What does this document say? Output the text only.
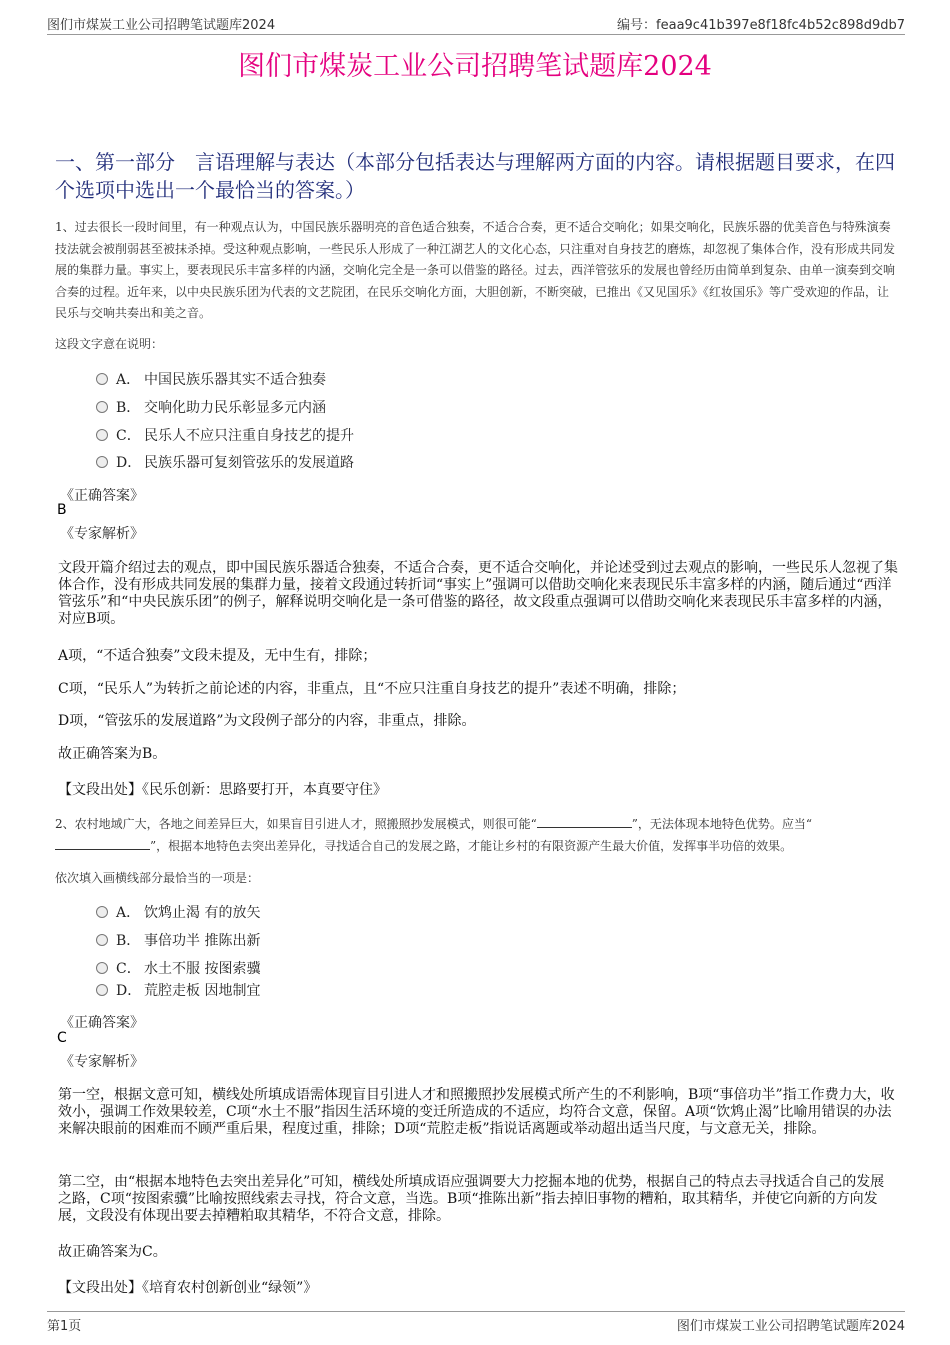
图们市煤炭工业公司招聘笔试题库2024	编号：feaa9c41b397e8f18fc4b52c898d9db7
图们市煤炭工业公司招聘笔试题库2024
一、第一部分　言语理解与表达（本部分包括表达与理解两方面的内容。请根据题目要求，在四个选项中选出一个最恰当的答案。）
1、过去很长一段时间里，有一种观点认为，中国民族乐器明亮的音色适合独奏，不适合合奏，更不适合交响化；如果交响化，民族乐器的优美音色与特殊演奏技法就会被削弱甚至被抹杀掉。受这种观点影响，一些民乐人形成了一种江湖艺人的文化心态，只注重对自身技艺的磨炼，却忽视了集体合作，没有形成共同发展的集群力量。事实上，要表现民乐丰富多样的内涵，交响化完全是一条可以借鉴的路径。过去，西洋管弦乐的发展也曾经历由简单到复杂、由单一演奏到交响合奏的过程。近年来，以中央民族乐团为代表的文艺院团，在民乐交响化方面，大胆创新，不断突破，已推出《又见国乐》《红妆国乐》等广受欢迎的作品，让民乐与交响共奏出和美之音。
这段文字意在说明：
A． 中国民族乐器其实不适合独奏
B． 交响化助力民乐彰显多元内涵
C． 民乐人不应只注重自身技艺的提升
D． 民族乐器可复刻管弦乐的发展道路
《正确答案》
B
《专家解析》
文段开篇介绍过去的观点，即中国民族乐器适合独奏，不适合合奏，更不适合交响化，并论述受到过去观点的影响，一些民乐人忽视了集体合作，没有形成共同发展的集群力量，接着文段通过转折词“事实上”强调可以借助交响化来表现民乐丰富多样的内涵，随后通过“西洋管弦乐”和“中央民族乐团”的例子，解释说明交响化是一条可借鉴的路径，故文段重点强调可以借助交响化来表现民乐丰富多样的内涵，对应B项。
A项，“不适合独奏”文段未提及，无中生有，排除；
C项，“民乐人”为转折之前论述的内容，非重点，且“不应只注重自身技艺的提升”表述不明确，排除；
D项，“管弦乐的发展道路”为文段例子部分的内容，非重点，排除。
故正确答案为B。
【文段出处】《民乐创新：思路要打开，本真要守住》
2、农村地域广大，各地之间差异巨大，如果盲目引进人才，照搬照抄发展模式，则很可能“	”，无法体现本地特色优势。应当“”，根据本地特色去突出差异化，寻找适合自己的发展之路，才能让乡村的有限资源产生最大价值，发挥事半功倍的效果。
依次填入画横线部分最恰当的一项是：
A． 饮鸩止渴 有的放矢
B． 事倍功半 推陈出新
C． 水土不服 按图索骥
D． 荒腔走板 因地制宜
《正确答案》
C
《专家解析》
第一空，根据文意可知，横线处所填成语需体现盲目引进人才和照搬照抄发展模式所产生的不利影响，B项“事倍功半”指工作费力大，收效小，强调工作效果较差，C项“水土不服”指因生活环境的变迁所造成的不适应，均符合文意，保留。A项“饮鸩止渴”比喻用错误的办法来解决眼前的困难而不顾严重后果，程度过重，排除；D项“荒腔走板”指说话离题或举动超出适当尺度，与文意无关，排除。
第二空，由“根据本地特色去突出差异化”可知，横线处所填成语应强调要大力挖掘本地的优势，根据自己的特点去寻找适合自己的发展之路，C项“按图索骥”比喻按照线索去寻找，符合文意，当选。B项“推陈出新”指去掉旧事物的糟粕，取其精华，并使它向新的方向发展，文段没有体现出要去掉糟粕取其精华，不符合文意，排除。
故正确答案为C。
【文段出处】《培育农村创新创业“绿领”》
第1页	图们市煤炭工业公司招聘笔试题库2024
